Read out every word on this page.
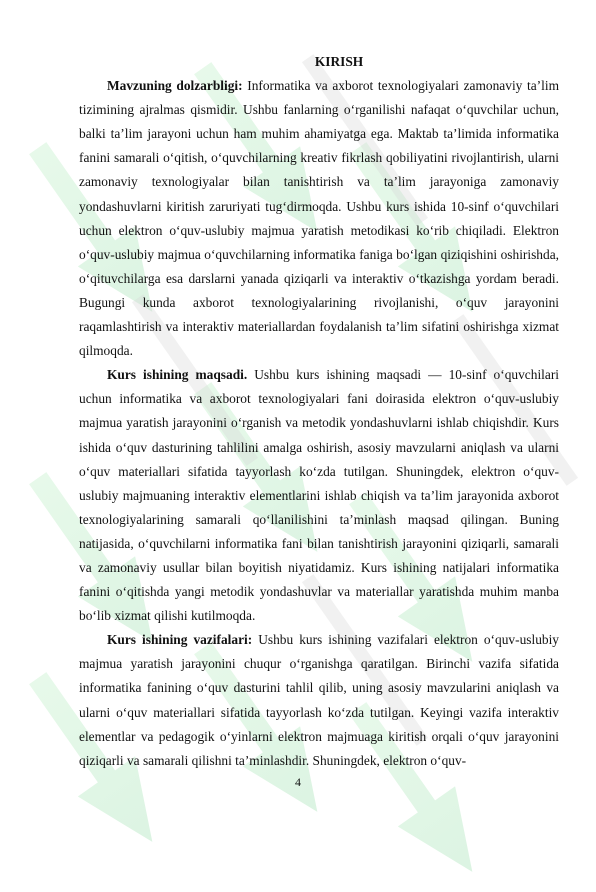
KIRISH

Mavzuning dolzarbligi: Informatika va axborot texnologiyalari zamonaviy ta’lim tizimining ajralmas qismidir. Ushbu fanlarning o‘rganilishi nafaqat o‘quvchilar uchun, balki ta’lim jarayoni uchun ham muhim ahamiyatga ega. Maktab ta’limida informatika fanini samarali o‘qitish, o‘quvchilarning kreativ fikrlash qobiliyatini rivojlantirish, ularni zamonaviy texnologiyalar bilan tanishtirish va ta’lim jarayoniga zamonaviy yondashuvlarni kiritish zaruriyati tug‘dirmoqda. Ushbu kurs ishida 10-sinf o‘quvchilari uchun elektron o‘quv-uslubiy majmua yaratish metodikasi ko‘rib chiqiladi. Elektron o‘quv-uslubiy majmua o‘quvchilarning informatika faniga bo‘lgan qiziqishini oshirishda, o‘qituvchilarga esa darslarni yanada qiziqarli va interaktiv o‘tkazishga yordam beradi. Bugungi kunda axborot texnologiyalarining rivojlanishi, o‘quv jarayonini raqamlashtirish va interaktiv materiallardan foydalanish ta’lim sifatini oshirishga xizmat qilmoqda.

Kurs ishining maqsadi. Ushbu kurs ishining maqsadi — 10-sinf o‘quvchilari uchun informatika va axborot texnologiyalari fani doirasida elektron o‘quv-uslubiy majmua yaratish jarayonini o‘rganish va metodik yondashuvlarni ishlab chiqishdir. Kurs ishida o‘quv dasturining tahlilini amalga oshirish, asosiy mavzularni aniqlash va ularni o‘quv materiallari sifatida tayyorlash ko‘zda tutilgan. Shuningdek, elektron o‘quv-uslubiy majmuaning interaktiv elementlarini ishlab chiqish va ta’lim jarayonida axborot texnologiyalarining samarali qo‘llanilishini ta’minlash maqsad qilingan. Buning natijasida, o‘quvchilarni informatika fani bilan tanishtirish jarayonini qiziqarli, samarali va zamonaviy usullar bilan boyitish niyatidamiz. Kurs ishining natijalari informatika fanini o‘qitishda yangi metodik yondashuvlar va materiallar yaratishda muhim manba bo‘lib xizmat qilishi kutilmoqda.

Kurs ishining vazifalari: Ushbu kurs ishining vazifalari elektron o‘quv-uslubiy majmua yaratish jarayonini chuqur o‘rganishga qaratilgan. Birinchi vazifa sifatida informatika fanining o‘quv dasturini tahlil qilib, uning asosiy mavzularini aniqlash va ularni o‘quv materiallari sifatida tayyorlash ko‘zda tutilgan. Keyingi vazifa interaktiv elementlar va pedagogik o‘yinlarni elektron majmuaga kiritish orqali o‘quv jarayonini qiziqarli va samarali qilishni ta’minlashdir. Shuningdek, elektron o‘quv-

4
